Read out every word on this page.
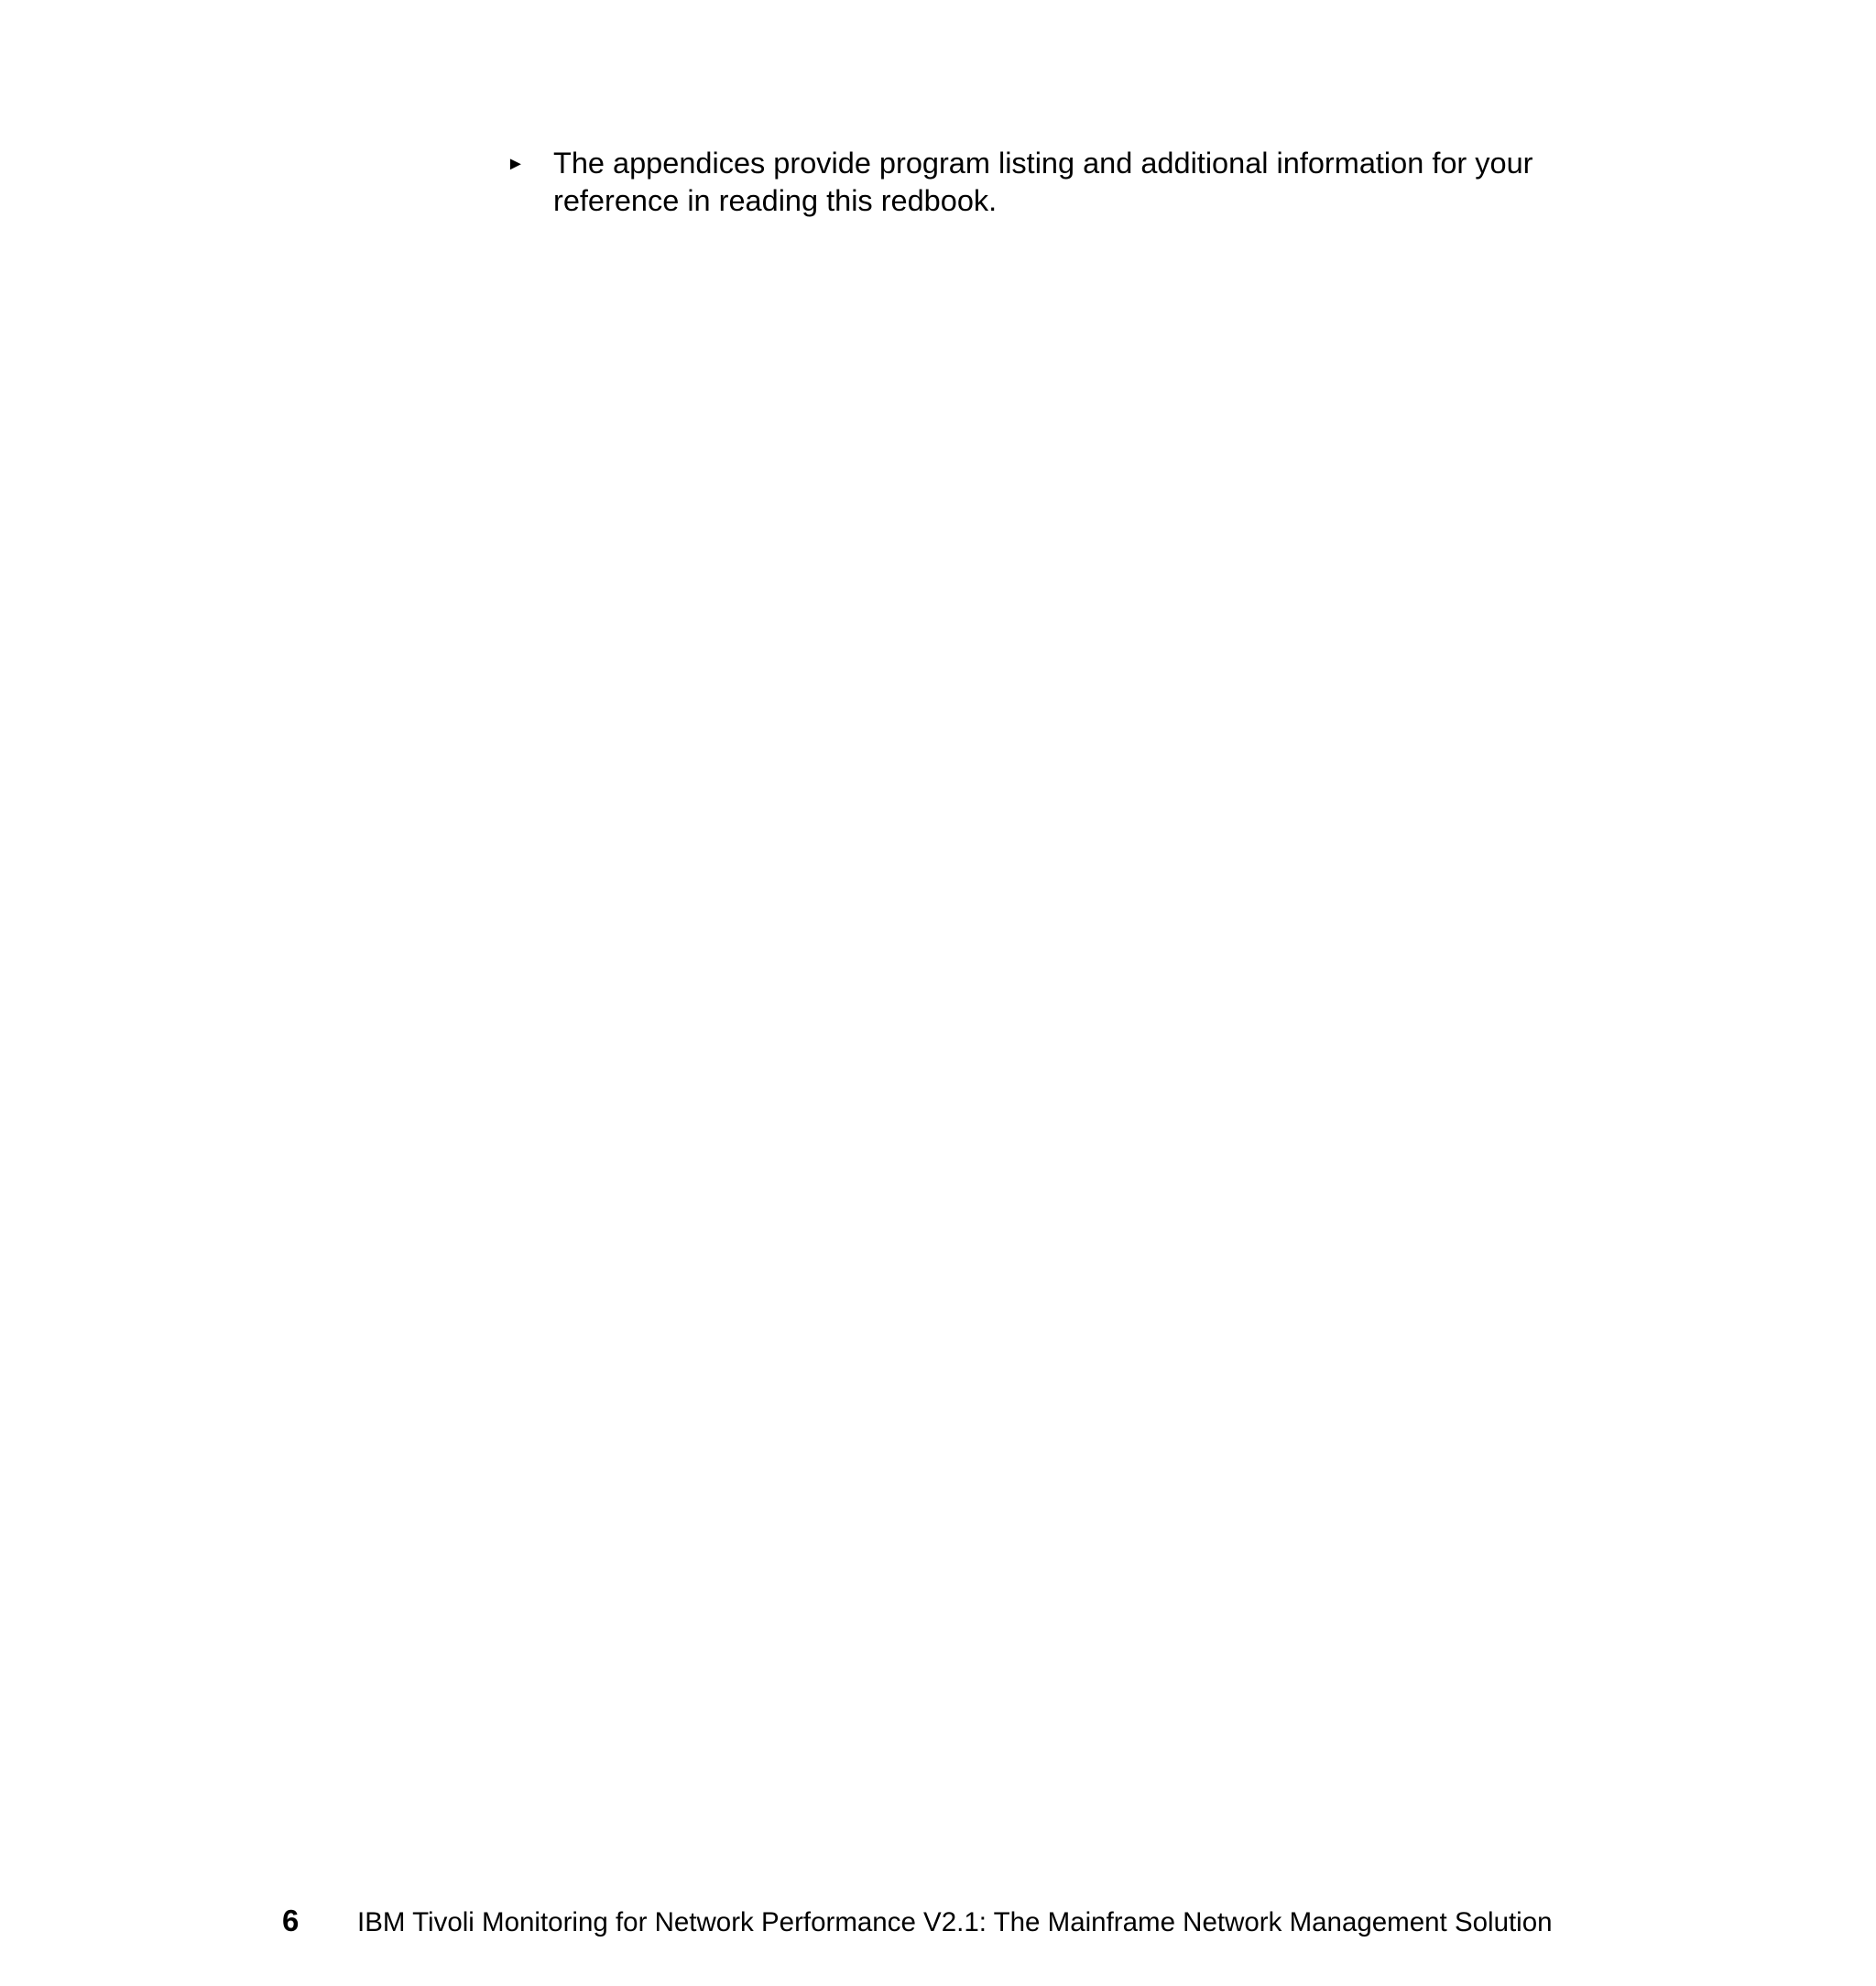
► The appendices provide program listing and additional information for your reference in reading this redbook.
6	IBM Tivoli Monitoring for Network Performance V2.1: The Mainframe Network Management Solution
